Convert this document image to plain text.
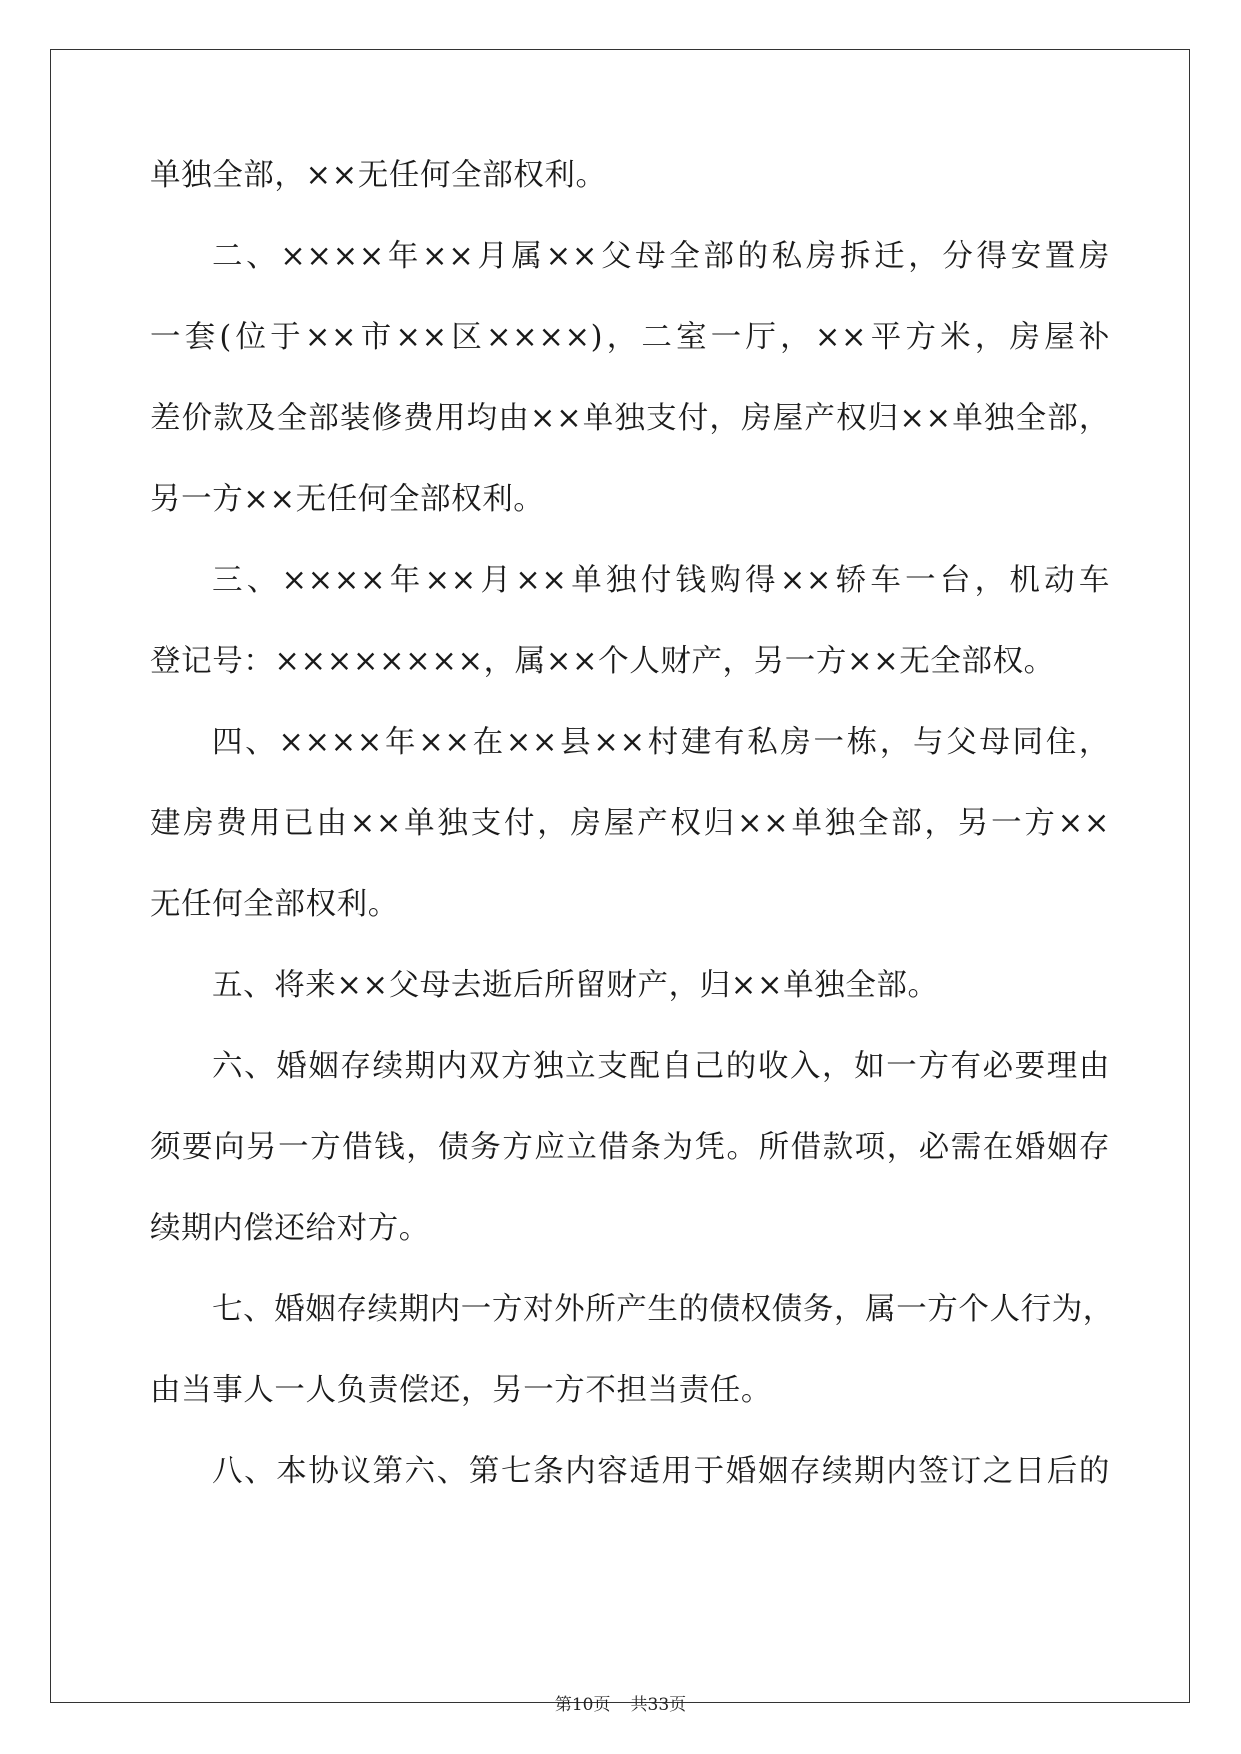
单独全部，××无任何全部权利。
二、××××年××月属××父母全部的私房拆迁，分得安置房
一套(位于××市××区××××)，二室一厅，××平方米，房屋补
差价款及全部装修费用均由××单独支付，房屋产权归××单独全部，
另一方××无任何全部权利。
三、××××年××月××单独付钱购得××轿车一台，机动车
登记号：××××××××，属××个人财产，另一方××无全部权。
四、××××年××在××县××村建有私房一栋，与父母同住，
建房费用已由××单独支付，房屋产权归××单独全部，另一方××
无任何全部权利。
五、将来××父母去逝后所留财产，归××单独全部。
六、婚姻存续期内双方独立支配自己的收入，如一方有必要理由
须要向另一方借钱，债务方应立借条为凭。所借款项，必需在婚姻存
续期内偿还给对方。
七、婚姻存续期内一方对外所产生的债权债务，属一方个人行为，
由当事人一人负责偿还，另一方不担当责任。
八、本协议第六、第七条内容适用于婚姻存续期内签订之日后的
第10页 共33页
